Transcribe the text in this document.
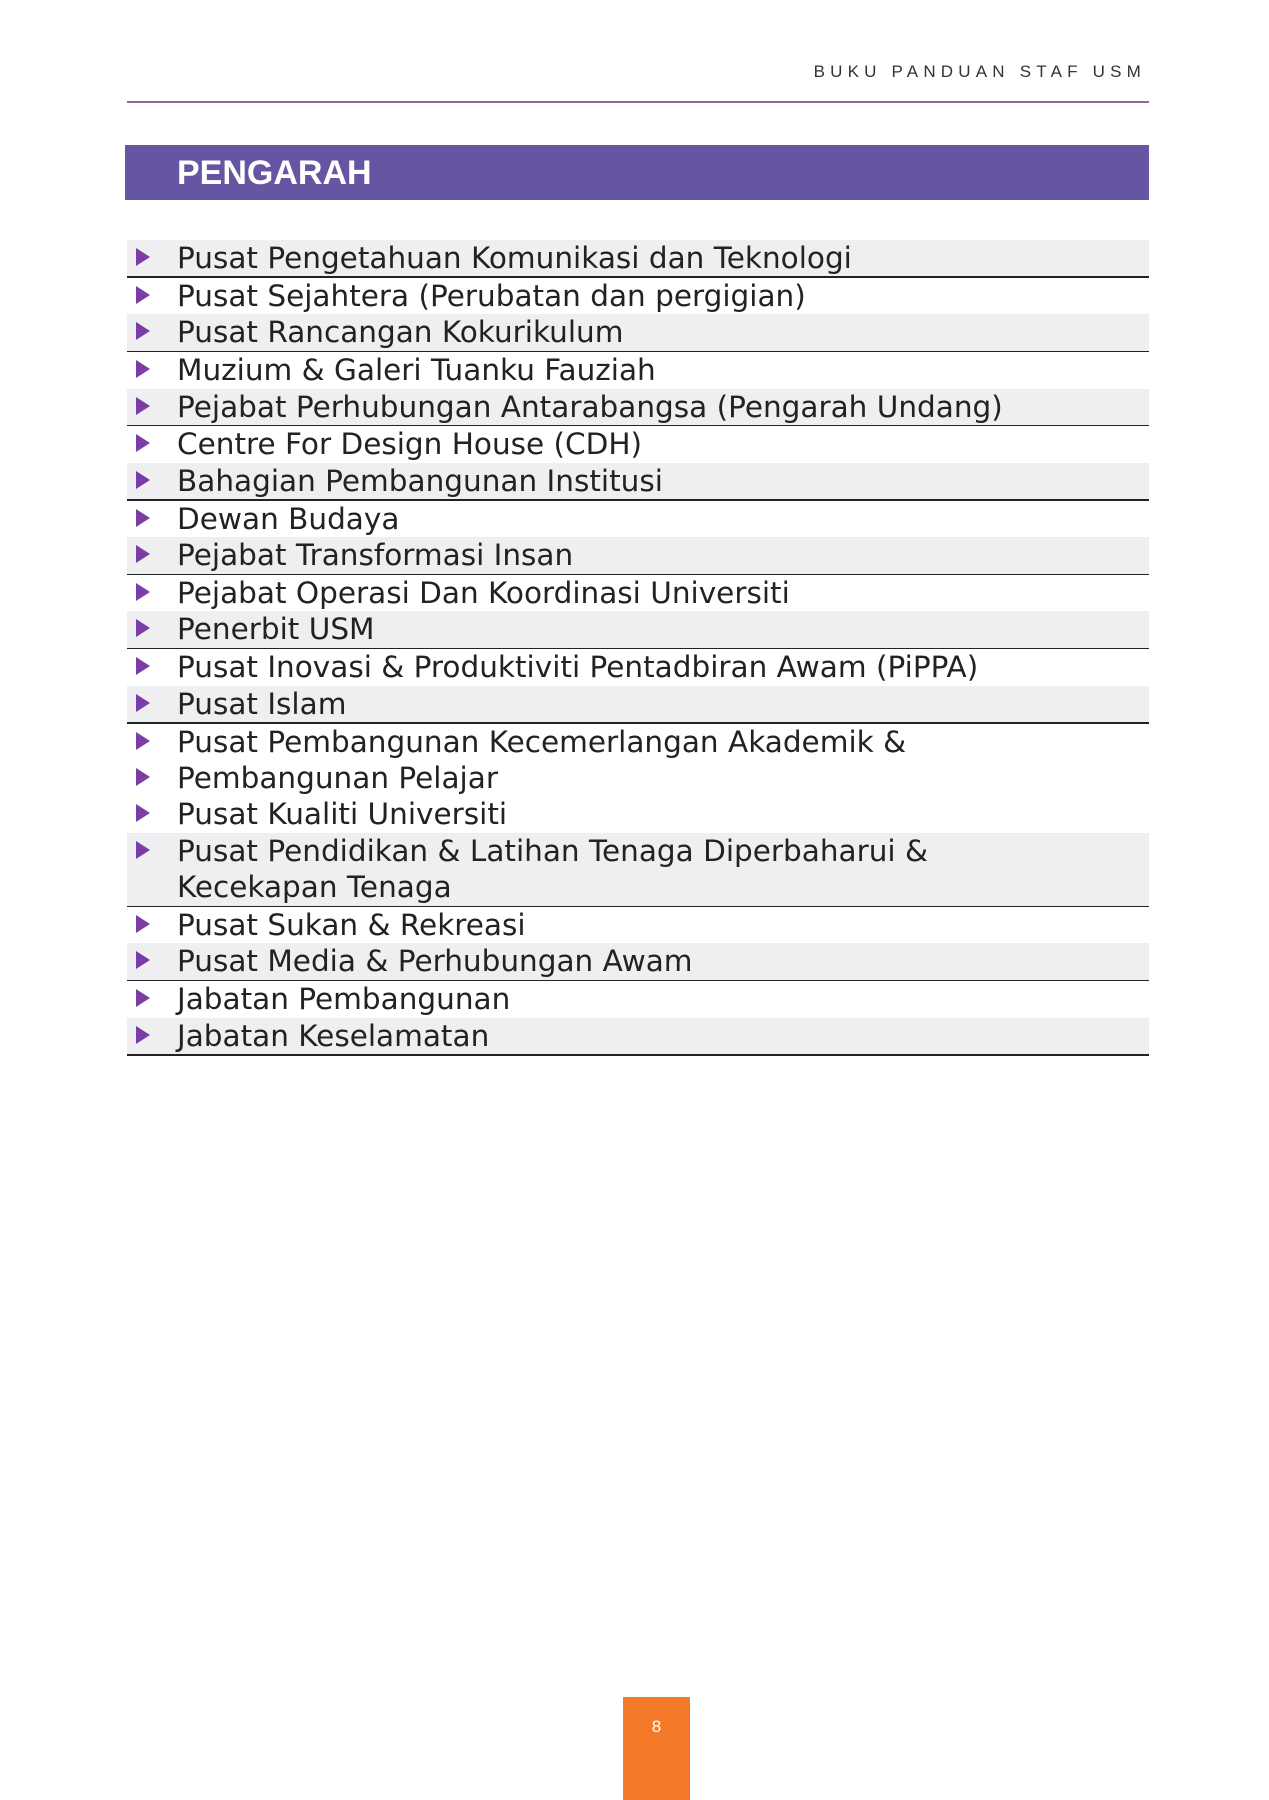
BUKU PANDUAN STAF USM
PENGARAH
Pusat Pengetahuan Komunikasi dan Teknologi
Pusat Sejahtera (Perubatan dan pergigian)
Pusat Rancangan Kokurikulum
Muzium & Galeri Tuanku Fauziah
Pejabat Perhubungan Antarabangsa (Pengarah Undang)
Centre For Design House (CDH)
Bahagian Pembangunan Institusi
Dewan Budaya
Pejabat Transformasi Insan
Pejabat Operasi Dan Koordinasi Universiti
Penerbit USM
Pusat Inovasi & Produktiviti Pentadbiran Awam (PiPPA)
Pusat Islam
Pusat Pembangunan Kecemerlangan Akademik &
Pembangunan Pelajar
Pusat Kualiti Universiti
Pusat Pendidikan & Latihan Tenaga Diperbaharui &
Kecekapan Tenaga
Pusat Sukan & Rekreasi
Pusat Media & Perhubungan Awam
Jabatan Pembangunan
Jabatan Keselamatan
8
